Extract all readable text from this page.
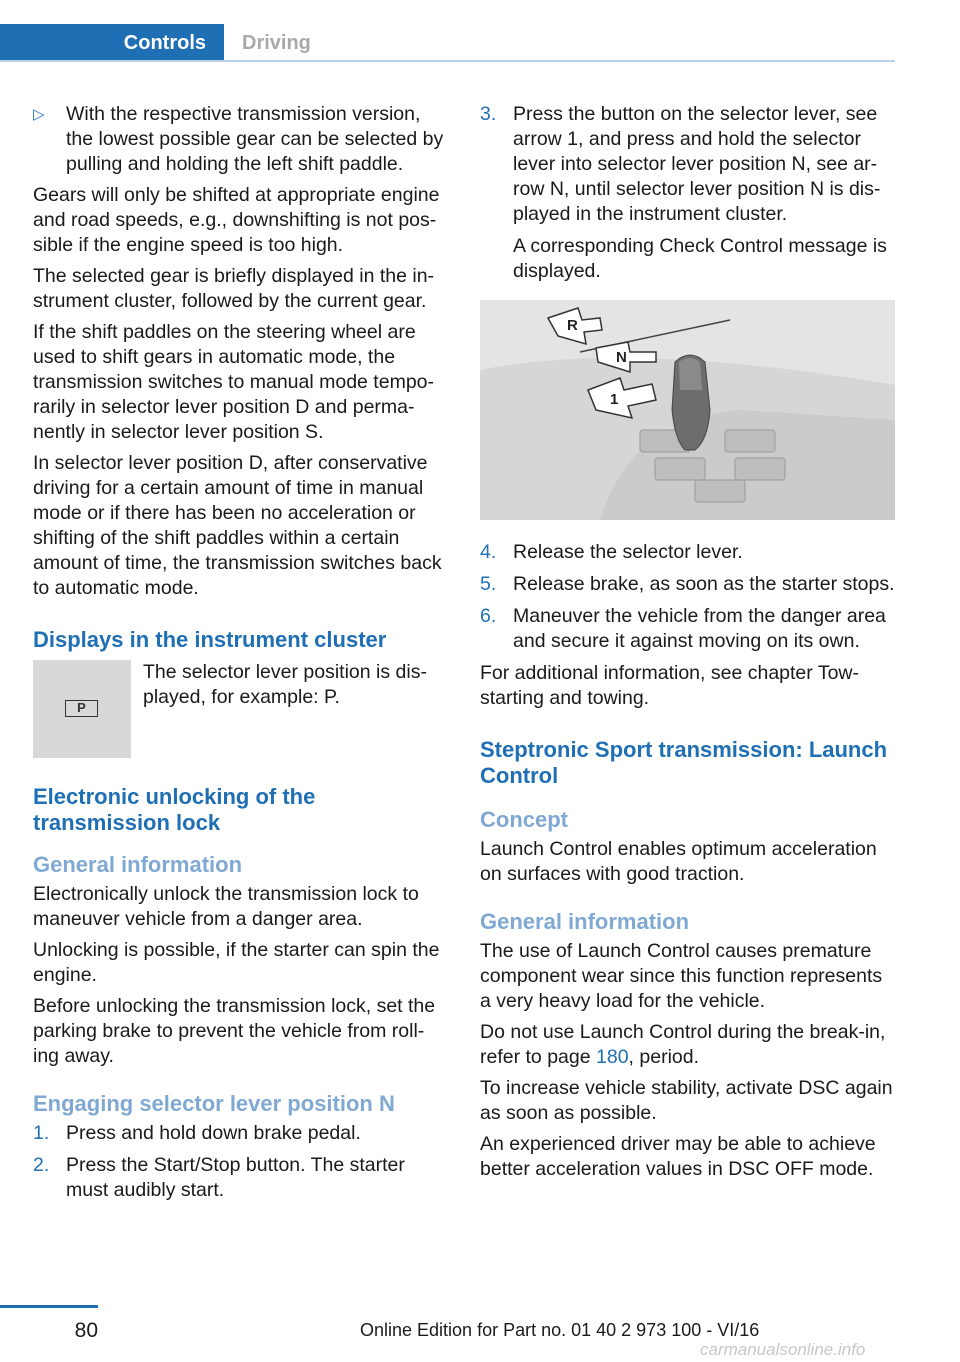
Controls	Driving
▷ With the respective transmission version, the lowest possible gear can be selected by pulling and holding the left shift paddle.

Gears will only be shifted at appropriate engine and road speeds, e.g., downshifting is not pos-sible if the engine speed is too high.

The selected gear is briefly displayed in the in-strument cluster, followed by the current gear.

If the shift paddles on the steering wheel are used to shift gears in automatic mode, the transmission switches to manual mode tempo-rarily in selector lever position D and perma-nently in selector lever position S.

In selector lever position D, after conservative driving for a certain amount of time in manual mode or if there has been no acceleration or shifting of the shift paddles within a certain amount of time, the transmission switches back to automatic mode.

Displays in the instrument cluster
P
The selector lever position is dis-played, for example: P.
Electronic unlocking of the transmission lock
General information

Electronically unlock the transmission lock to maneuver vehicle from a danger area.

Unlocking is possible, if the starter can spin the engine.

Before unlocking the transmission lock, set the parking brake to prevent the vehicle from roll-ing away.

Engaging selector lever position N
1. Press and hold down brake pedal.
2. Press the Start/Stop button. The starter must audibly start.
3. Press the button on the selector lever, see arrow 1, and press and hold the selector lever into selector lever position N, see ar-row N, until selector lever position N is dis-played in the instrument cluster.
A corresponding Check Control message is displayed.
R
N
1
4. Release the selector lever.
5. Release brake, as soon as the starter stops.
6. Maneuver the vehicle from the danger area and secure it against moving on its own.

For additional information, see chapter Tow-starting and towing.

Steptronic Sport transmission: Launch Control
Concept

Launch Control enables optimum acceleration on surfaces with good traction.

General information

The use of Launch Control causes premature component wear since this function represents a very heavy load for the vehicle.

Do not use Launch Control during the break-in, refer to page 180, period.

To increase vehicle stability, activate DSC again as soon as possible.

An experienced driver may be able to achieve better acceleration values in DSC OFF mode.

80	Online Edition for Part no. 01 40 2 973 100 - VI/16
carmanualsonline.info
